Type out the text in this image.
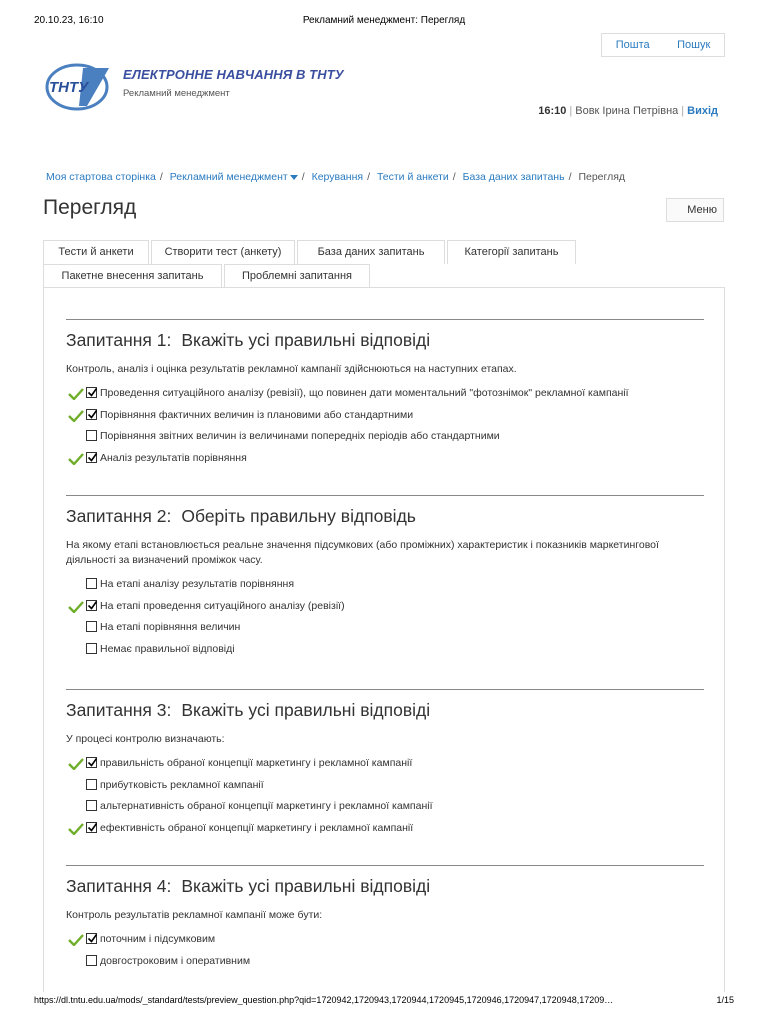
20.10.23, 16:10	Рекламний менеджмент: Перегляд
Пошта Пошук
ТНТУ
ЕЛЕКТРОННЕ НАВЧАННЯ В ТНТУ
Рекламний менеджмент
16:10 | Вовк Ірина Петрівна | Вихід
Моя стартова сторінка / Рекламний менеджмент / Керування / Тести й анкети / База даних запитань / Перегляд
Перегляд	Меню
Тести й анкети	Створити тест (анкету)	База даних запитань	Категорії запитань
Пакетне внесення запитань	Проблемні запитання
Запитання 1: Вкажіть усі правильні відповіді
Контроль, аналіз і оцінка результатів рекламної кампанії здійснюються на наступних етапах.
Проведення ситуаційного аналізу (ревізії), що повинен дати моментальний "фотознімок" рекламної кампанії
Порівняння фактичних величин із плановими або стандартними
Порівняння звітних величин із величинами попередніх періодів або стандартними
Аналіз результатів порівняння
Запитання 2: Оберіть правильну відповідь
На якому етапі встановлюється реальне значення підсумкових (або проміжних) характеристик і показників маркетингової діяльності за визначений проміжок часу.
На етапі аналізу результатів порівняння
На етапі проведення ситуаційного аналізу (ревізії)
На етапі порівняння величин
Немає правильної відповіді
Запитання 3: Вкажіть усі правильні відповіді
У процесі контролю визначають:
правильність обраної концепції маркетингу і рекламної кампанії
прибутковість рекламної кампанії
альтернативність обраної концепції маркетингу і рекламної кампанії
ефективність обраної концепції маркетингу і рекламної кампанії
Запитання 4: Вкажіть усі правильні відповіді
Контроль результатів рекламної кампанії може бути:
поточним і підсумковим
довгостроковим і оперативним
https://dl.tntu.edu.ua/mods/_standard/tests/preview_question.php?qid=1720942,1720943,1720944,1720945,1720946,1720947,1720948,17209…	1/15
